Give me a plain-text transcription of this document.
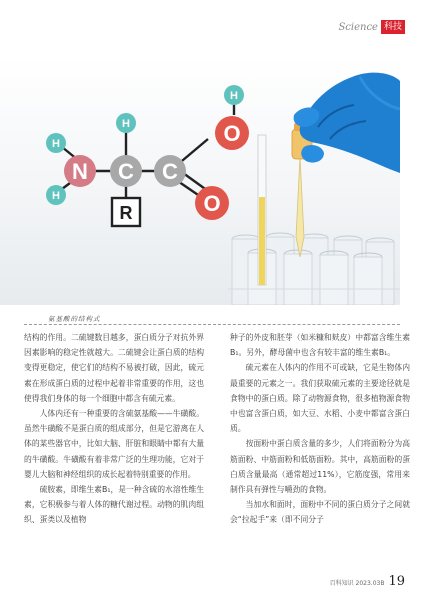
Science 科技
H
H
H
H
N C C
O
O
R
氨基酸的结构式

结构的作用。二硫键数目越多，蛋白质分子对抗外界因素影响的稳定性就越大。二硫键会让蛋白质的结构变得更稳定，使它们的结构不易被打破，因此，硫元素在形成蛋白质的过程中起着非常重要的作用，这也使得我们身体的每一个细胞中都含有硫元素。

人体内还有一种重要的含硫氨基酸——牛磺酸。虽然牛磺酸不是蛋白质的组成部分，但是它游离在人体的某些器官中，比如大脑、肝脏和眼睛中都有大量的牛磺酸。牛磺酸有着非常广泛的生理功能，它对于婴儿大脑和神经组织的成长起着特别重要的作用。

硫胺素，即维生素B₁，是一种含硫的水溶性维生素，它积极参与着人体的糖代谢过程。动物的肌肉组织、蛋类以及植物

种子的外皮和胚芽（如米糠和麸皮）中都富含维生素B₁。另外，酵母菌中也含有较丰富的维生素B₁。

硫元素在人体内的作用不可或缺，它是生物体内最重要的元素之一。我们获取硫元素的主要途径就是食物中的蛋白质。除了动物源食物，很多植物源食物中也富含蛋白质，如大豆、水稻、小麦中都富含蛋白质。

按面粉中蛋白质含量的多少，人们将面粉分为高筋面粉、中筋面粉和低筋面粉。其中，高筋面粉的蛋白质含量最高（通常超过11%），它筋度强，常用来制作具有弹性与嚼劲的食物。

当加水和面时，面粉中不同的蛋白质分子之间就会“拉起手”来（即不同分子

百科知识 2023.03B 19
